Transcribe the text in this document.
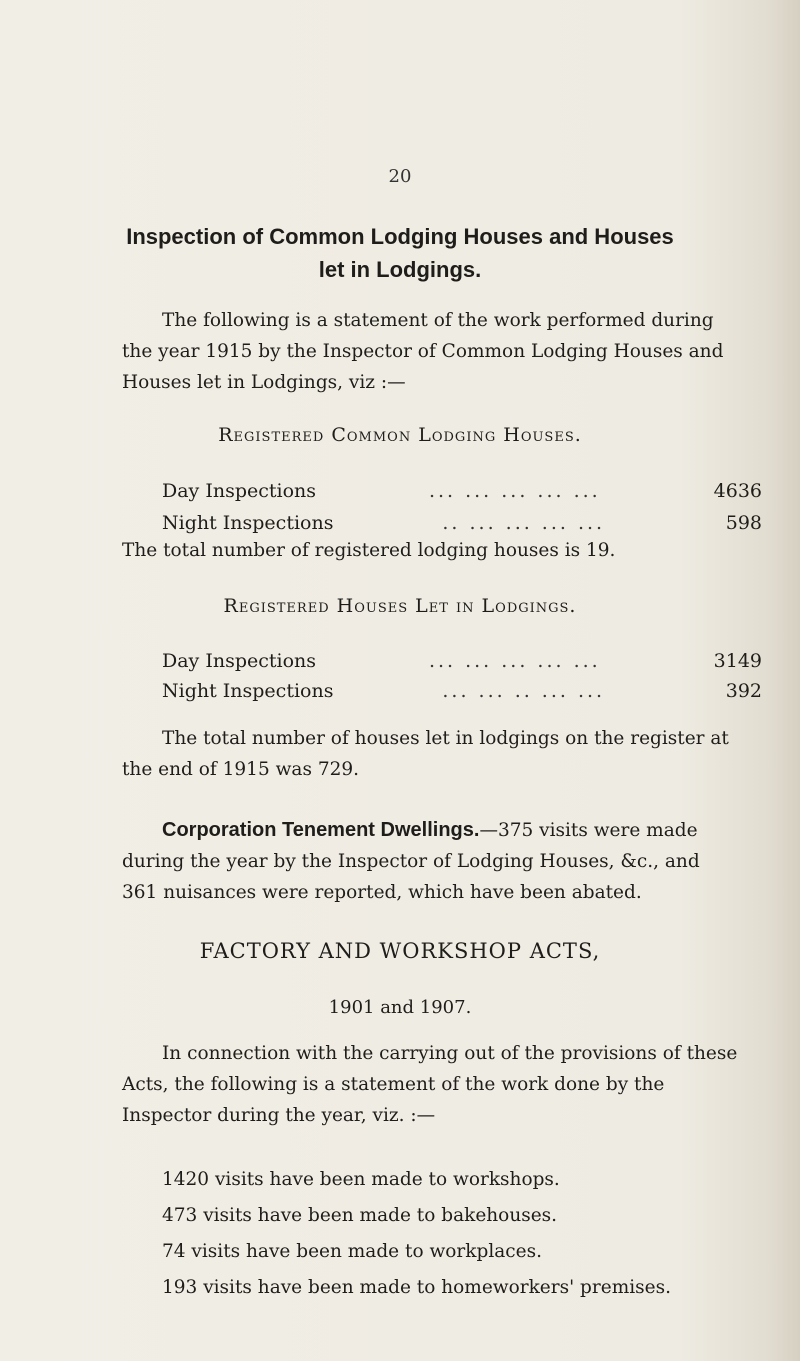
20
Inspection of Common Lodging Houses and Houses
let in Lodgings.
The following is a statement of the work performed during
the year 1915 by the Inspector of Common Lodging Houses and
Houses let in Lodgings, viz :—
Registered Common Lodging Houses.
Day Inspections	... ... ... ... ...	4636
Night Inspections	.. ... ... ... ...	598
The total number of registered lodging houses is 19.
Registered Houses Let in Lodgings.
Day Inspections	... ... ... ... ...	3149
Night Inspections	... ... .. ... ...	392
The total number of houses let in lodgings on the register at
the end of 1915 was 729.
Corporation Tenement Dwellings.—375 visits were made
during the year by the Inspector of Lodging Houses, &c., and
361 nuisances were reported, which have been abated.
FACTORY AND WORKSHOP ACTS,
1901 and 1907.
In connection with the carrying out of the provisions of these
Acts, the following is a statement of the work done by the
Inspector during the year, viz. :—
1420 visits have been made to workshops.
473 visits have been made to bakehouses.
74 visits have been made to workplaces.
193 visits have been made to homeworkers' premises.
